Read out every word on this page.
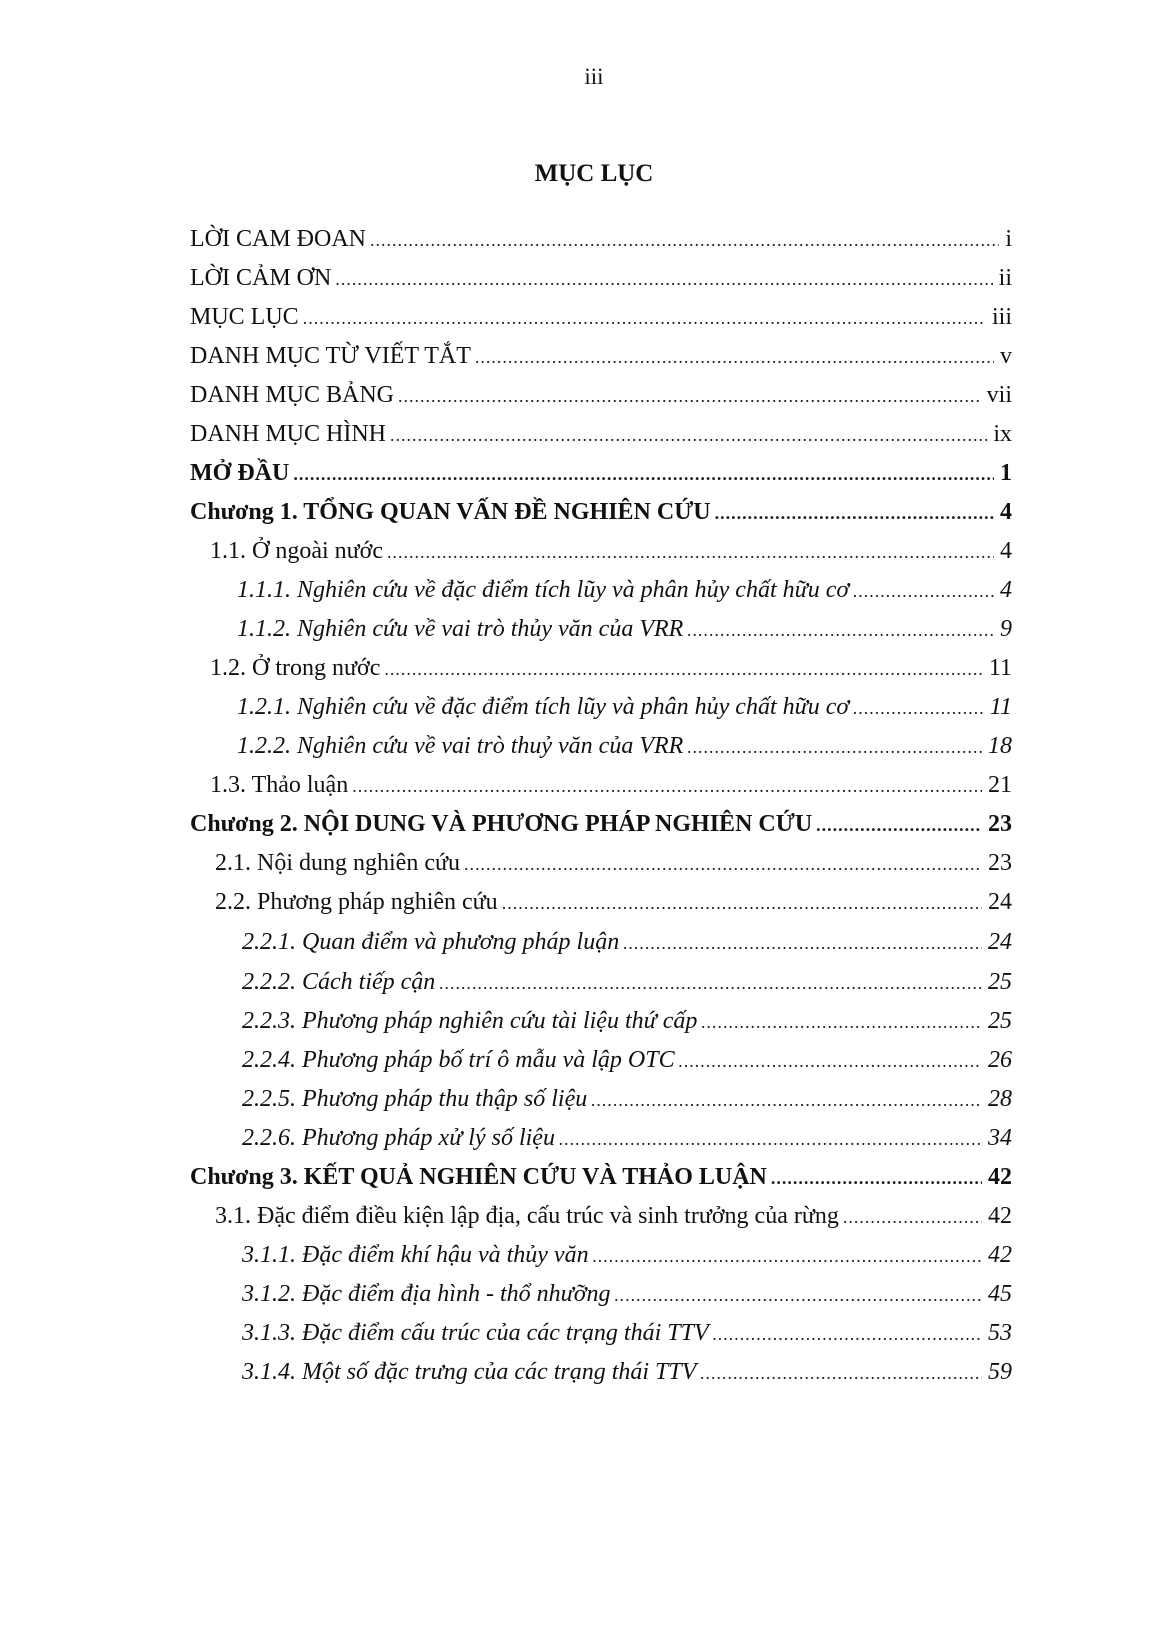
iii
MỤC LỤC
LỜI CAM ĐOAN .....	i
LỜI CẢM ƠN .....	ii
MỤC LỤC .....	iii
DANH MỤC TỪ VIẾT TẮT .....	v
DANH MỤC BẢNG .....	vii
DANH MỤC HÌNH .....	ix
MỞ ĐẦU .....	1
Chương 1. TỔNG QUAN VẤN ĐỀ NGHIÊN CỨU .....	4
1.1. Ở ngoài nước .....	4
1.1.1. Nghiên cứu về đặc điểm tích lũy và phân hủy chất hữu cơ .....	4
1.1.2. Nghiên cứu về vai trò thủy văn của VRR .....	9
1.2. Ở trong nước .....	11
1.2.1. Nghiên cứu về đặc điểm tích lũy và phân hủy chất hữu cơ .....	11
1.2.2. Nghiên cứu về vai trò thuỷ văn của VRR .....	18
1.3. Thảo luận .....	21
Chương 2. NỘI DUNG VÀ PHƯƠNG PHÁP NGHIÊN CỨU .....	23
2.1. Nội dung nghiên cứu .....	23
2.2. Phương pháp nghiên cứu .....	24
2.2.1. Quan điểm và phương pháp luận .....	24
2.2.2. Cách tiếp cận .....	25
2.2.3. Phương pháp nghiên cứu tài liệu thứ cấp .....	25
2.2.4. Phương pháp bố trí ô mẫu và lập OTC .....	26
2.2.5. Phương pháp thu thập số liệu .....	28
2.2.6. Phương pháp xử lý số liệu .....	34
Chương 3. KẾT QUẢ NGHIÊN CỨU VÀ THẢO LUẬN .....	42
3.1. Đặc điểm điều kiện lập địa, cấu trúc và sinh trưởng của rừng .....	42
3.1.1. Đặc điểm khí hậu và thủy văn .....	42
3.1.2. Đặc điểm địa hình - thổ nhưỡng .....	45
3.1.3. Đặc điểm cấu trúc của các trạng thái TTV .....	53
3.1.4. Một số đặc trưng của các trạng thái TTV .....	59
